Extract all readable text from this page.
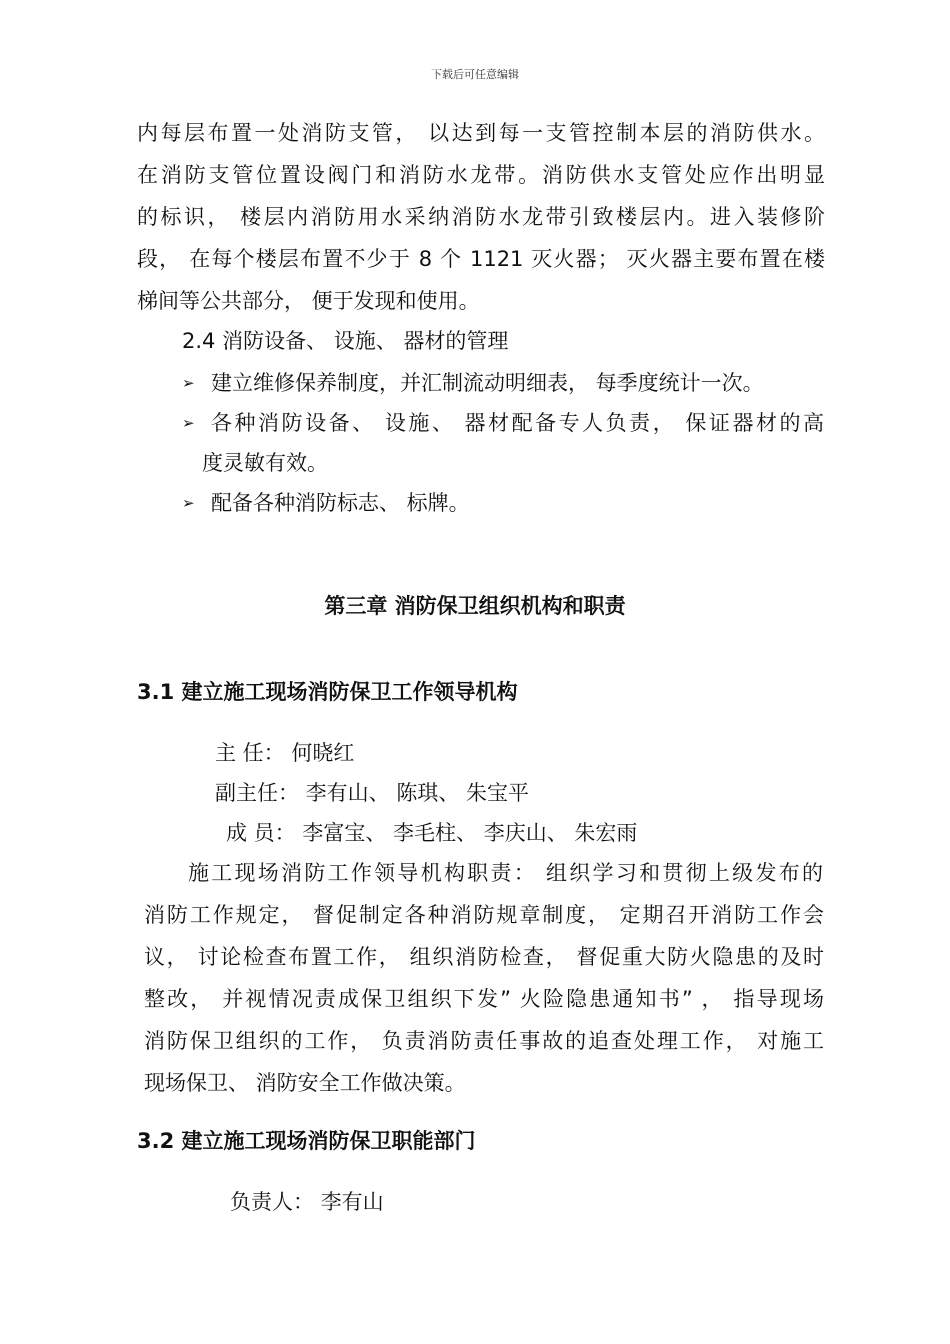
下载后可任意编辑
内每层布置一处消防支管， 以达到每一支管控制本层的消防供水。
在消防支管位置设阀门和消防水龙带。消防供水支管处应作出明显
的标识， 楼层内消防用水采纳消防水龙带引致楼层内。进入装修阶
段， 在每个楼层布置不少于 8 个 1121 灭火器； 灭火器主要布置在楼
梯间等公共部分， 便于发现和使用。
2.4 消防设备、 设施、 器材的管理
➢ 建立维修保养制度，并汇制流动明细表， 每季度统计一次。
➢ 各种消防设备、 设施、 器材配备专人负责， 保证器材的高
度灵敏有效。
➢ 配备各种消防标志、 标牌。
第三章 消防保卫组织机构和职责
3.1 建立施工现场消防保卫工作领导机构
主 任： 何晓红
副主任： 李有山、 陈琪、 朱宝平
成 员： 李富宝、 李毛柱、 李庆山、 朱宏雨
施工现场消防工作领导机构职责： 组织学习和贯彻上级发布的
消防工作规定， 督促制定各种消防规章制度， 定期召开消防工作会
议， 讨论检查布置工作， 组织消防检查， 督促重大防火隐患的及时
整改， 并视情况责成保卫组织下发” 火险隐患通知书” ， 指导现场
消防保卫组织的工作， 负责消防责任事故的追查处理工作， 对施工
现场保卫、 消防安全工作做决策。
3.2 建立施工现场消防保卫职能部门
负责人： 李有山
